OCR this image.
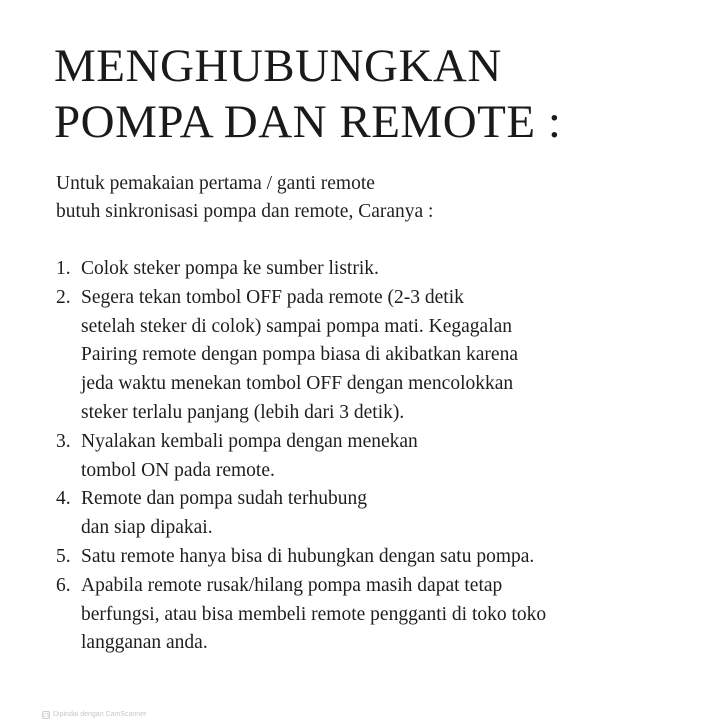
MENGHUBUNGKAN
POMPA DAN REMOTE :
Untuk pemakaian pertama / ganti remote
butuh sinkronisasi pompa dan remote, Caranya :
1. Colok steker pompa ke sumber listrik.
2. Segera tekan tombol OFF pada remote (2-3 detik
setelah steker di colok) sampai pompa mati. Kegagalan
Pairing remote dengan pompa biasa di akibatkan karena
jeda waktu menekan tombol OFF dengan mencolokkan
steker terlalu panjang (lebih dari 3 detik).
3. Nyalakan kembali pompa dengan menekan
tombol ON pada remote.
4. Remote dan pompa sudah terhubung
dan siap dipakai.
5. Satu remote hanya bisa di hubungkan dengan satu pompa.
6. Apabila remote rusak/hilang pompa masih dapat tetap
berfungsi, atau bisa membeli remote pengganti di toko toko
langganan anda.
CS Dipindai dengan CamScanner
